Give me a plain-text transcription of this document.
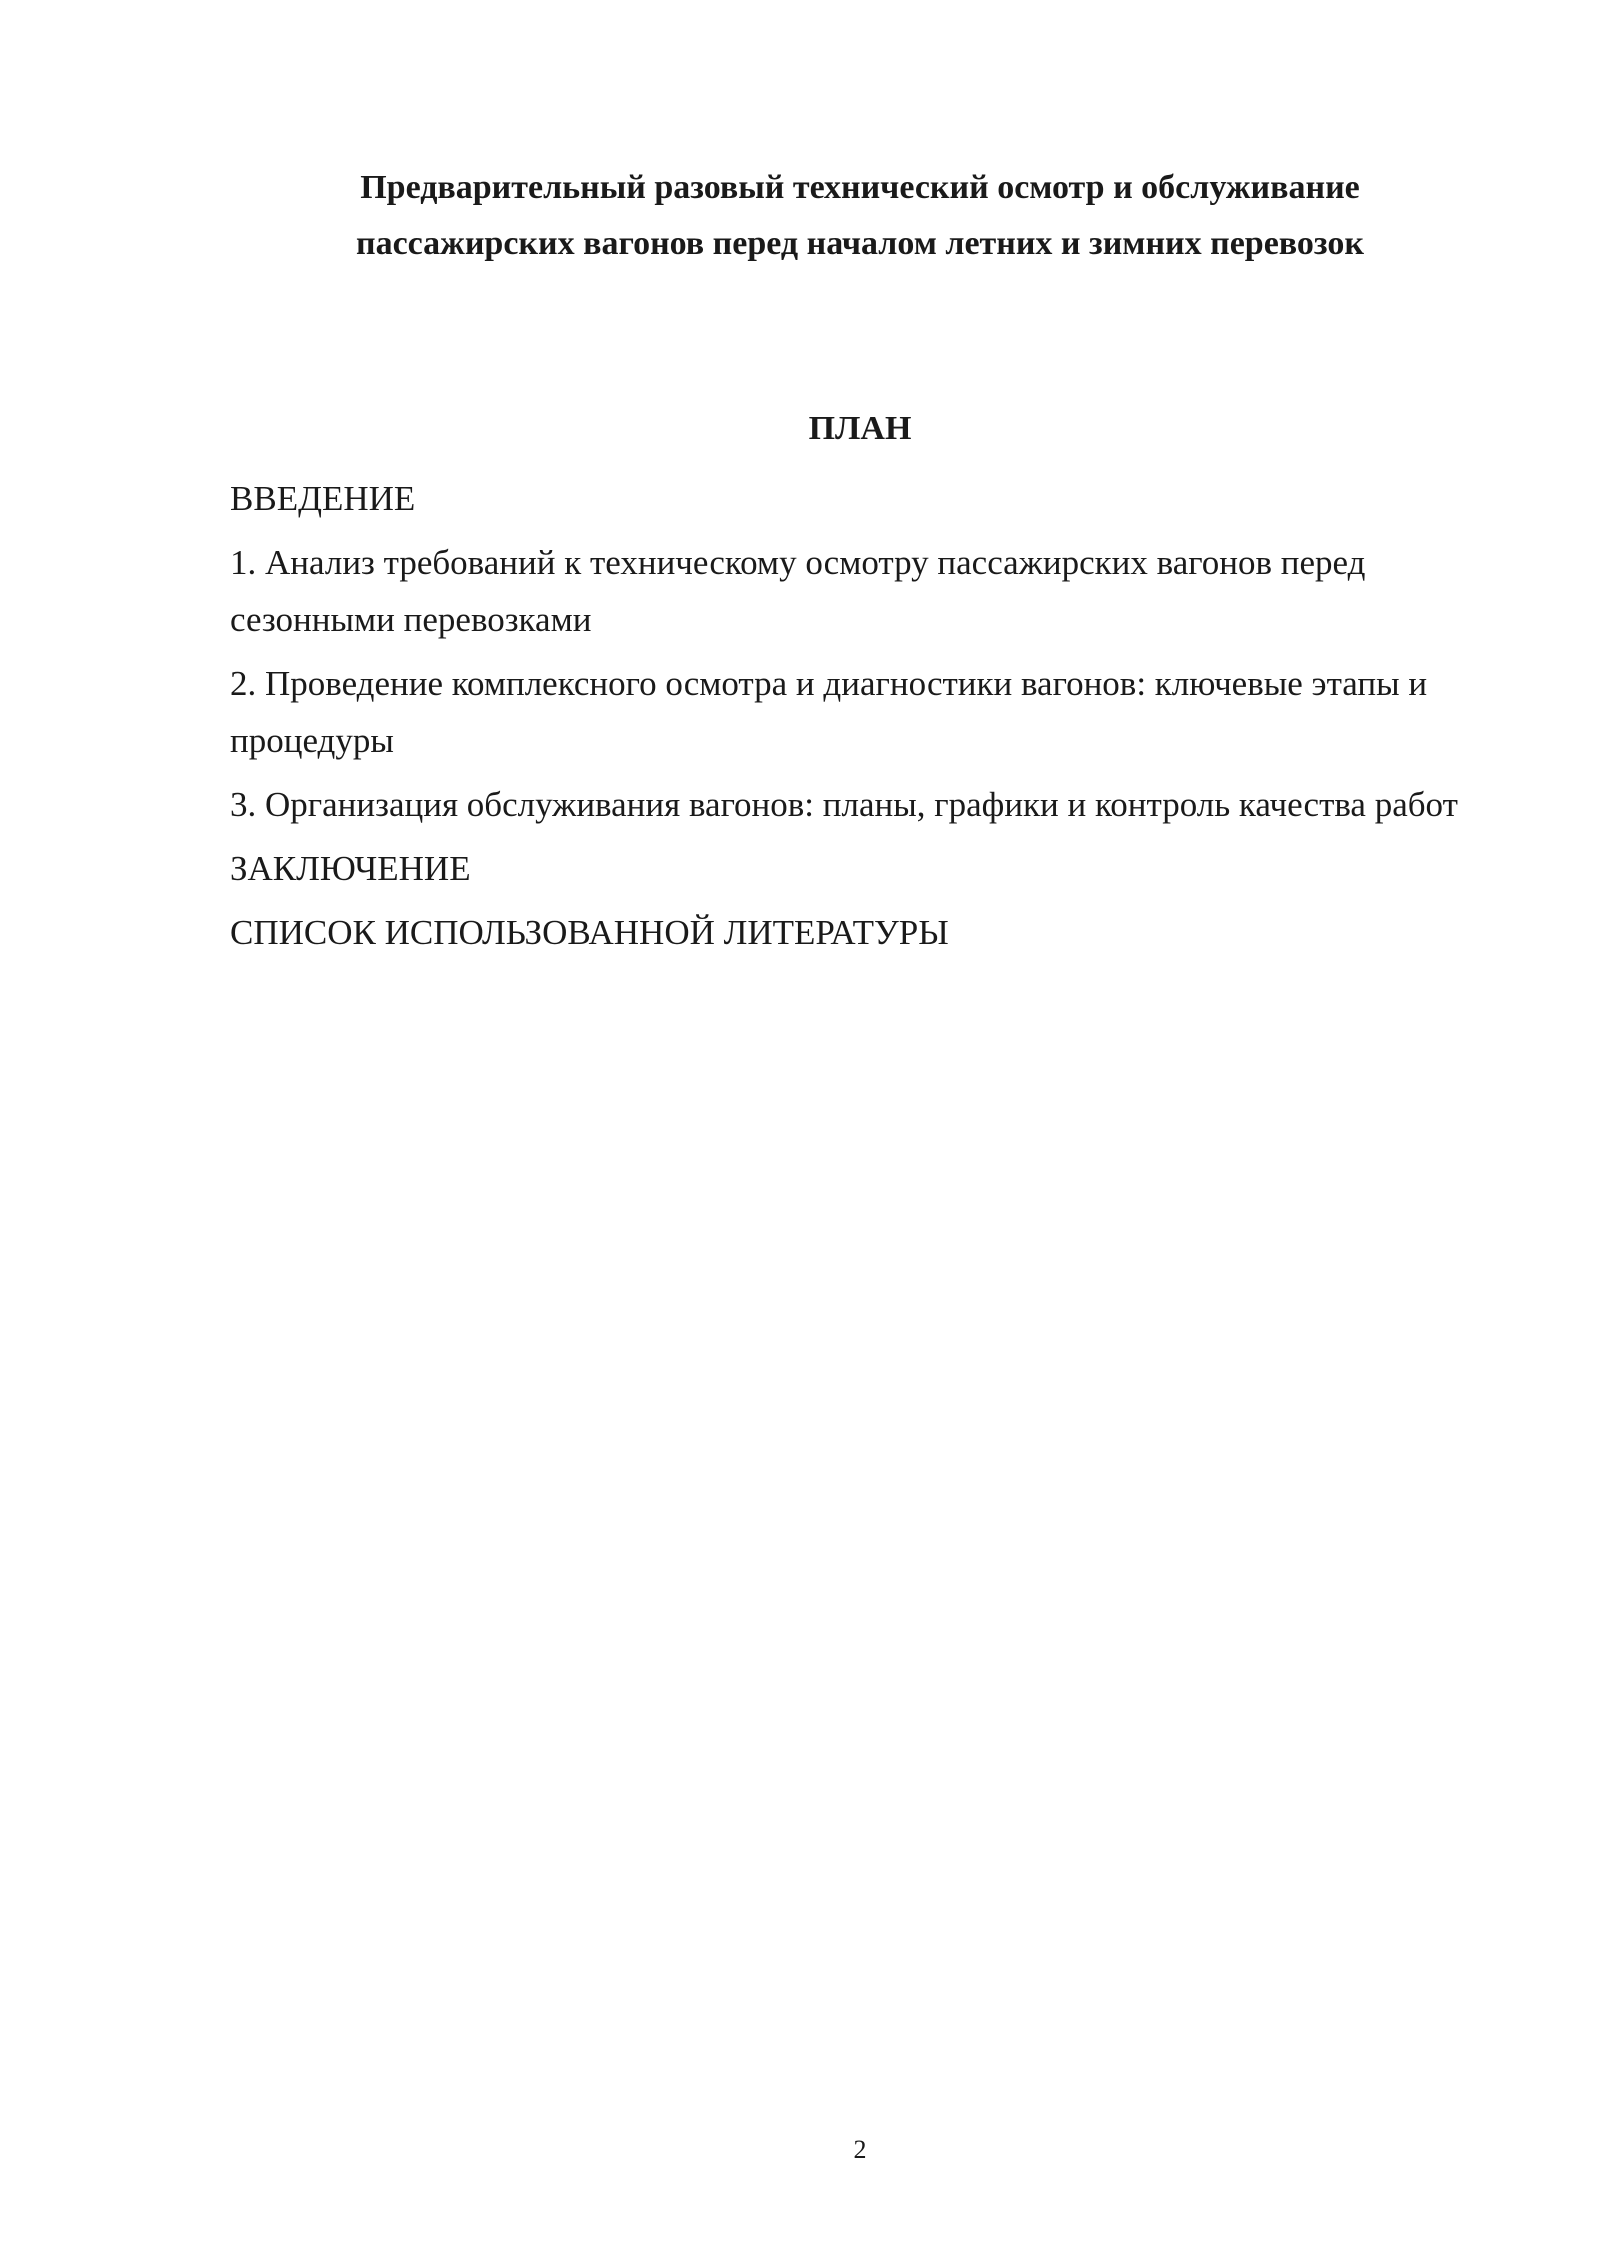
Предварительный разовый технический осмотр и обслуживание
пассажирских вагонов перед началом летних и зимних перевозок
ПЛАН
ВВЕДЕНИЕ
1. Анализ требований к техническому осмотру пассажирских вагонов перед сезонными перевозками
2. Проведение комплексного осмотра и диагностики вагонов: ключевые этапы и процедуры
3. Организация обслуживания вагонов: планы, графики и контроль качества работ
ЗАКЛЮЧЕНИЕ
СПИСОК ИСПОЛЬЗОВАННОЙ ЛИТЕРАТУРЫ
2
